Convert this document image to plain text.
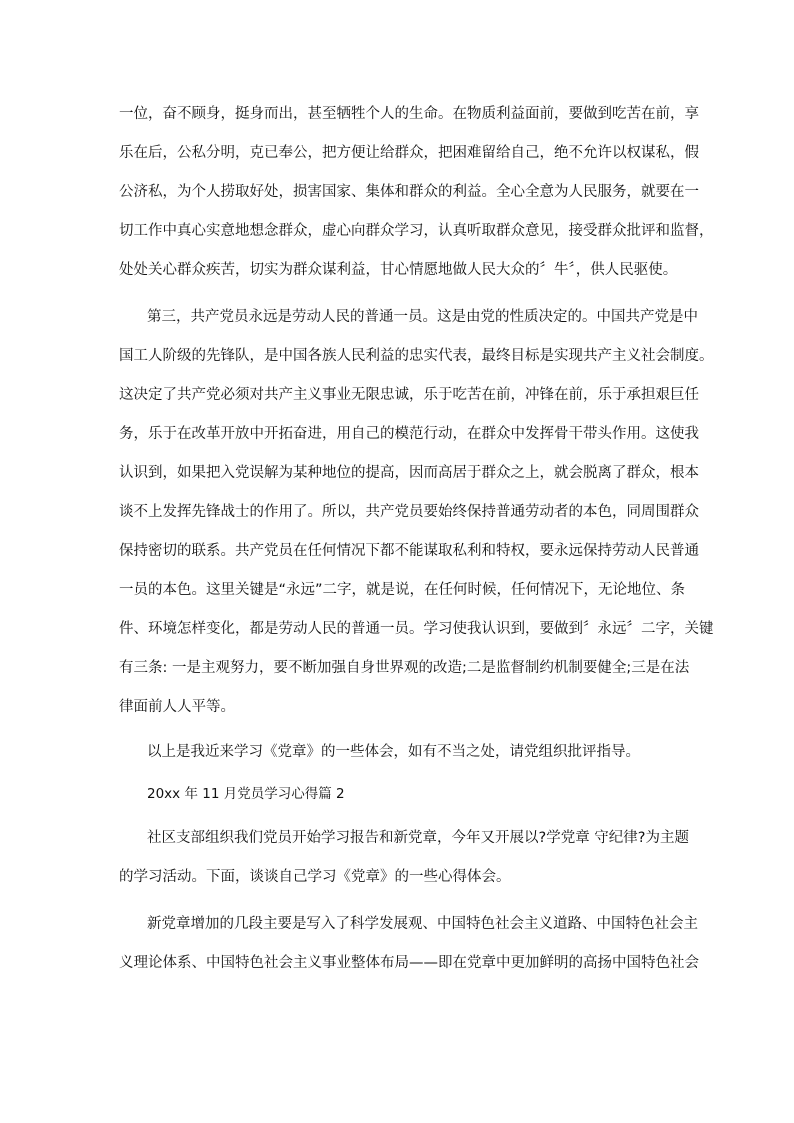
一位，奋不顾身，挺身而出，甚至牺牲个人的生命。在物质利益面前，要做到吃苦在前，享
乐在后，公私分明，克已奉公，把方便让给群众，把困难留给自己，绝不允许以权谋私，假
公济私，为个人捞取好处，损害国家、集体和群众的利益。全心全意为人民服务，就要在一
切工作中真心实意地想念群众，虚心向群众学习，认真听取群众意见，接受群众批评和监督，
处处关心群众疾苦，切实为群众谋利益，甘心情愿地做人民大众的〞牛〞，供人民驱使。
第三，共产党员永远是劳动人民的普通一员。这是由党的性质决定的。中国共产党是中
国工人阶级的先锋队，是中国各族人民利益的忠实代表，最终目标是实现共产主义社会制度。
这决定了共产党必须对共产主义事业无限忠诚，乐于吃苦在前，冲锋在前，乐于承担艰巨任
务，乐于在改革开放中开拓奋进，用自己的模范行动，在群众中发挥骨干带头作用。这使我
认识到，如果把入党误解为某种地位的提高，因而高居于群众之上，就会脱离了群众，根本
谈不上发挥先锋战士的作用了。所以，共产党员要始终保持普通劳动者的本色，同周围群众
保持密切的联系。共产党员在任何情况下都不能谋取私利和特权，要永远保持劳动人民普通
一员的本色。这里关键是“永远”二字，就是说，在任何时候，任何情况下，无论地位、条
件、环境怎样变化，都是劳动人民的普通一员。学习使我认识到，要做到〞永远〞二字，关键
有三条: 一是主观努力，要不断加强自身世界观的改造;二是监督制约机制要健全;三是在法
律面前人人平等。
以上是我近来学习《党章》的一些体会，如有不当之处，请党组织批评指导。
20xx 年 11 月党员学习心得篇 2
社区支部组织我们党员开始学习报告和新党章，今年又开展以?学党章 守纪律?为主题
的学习活动。下面，谈谈自己学习《党章》的一些心得体会。
新党章增加的几段主要是写入了科学发展观、中国特色社会主义道路、中国特色社会主
义理论体系、中国特色社会主义事业整体布局——即在党章中更加鲜明的高扬中国特色社会
